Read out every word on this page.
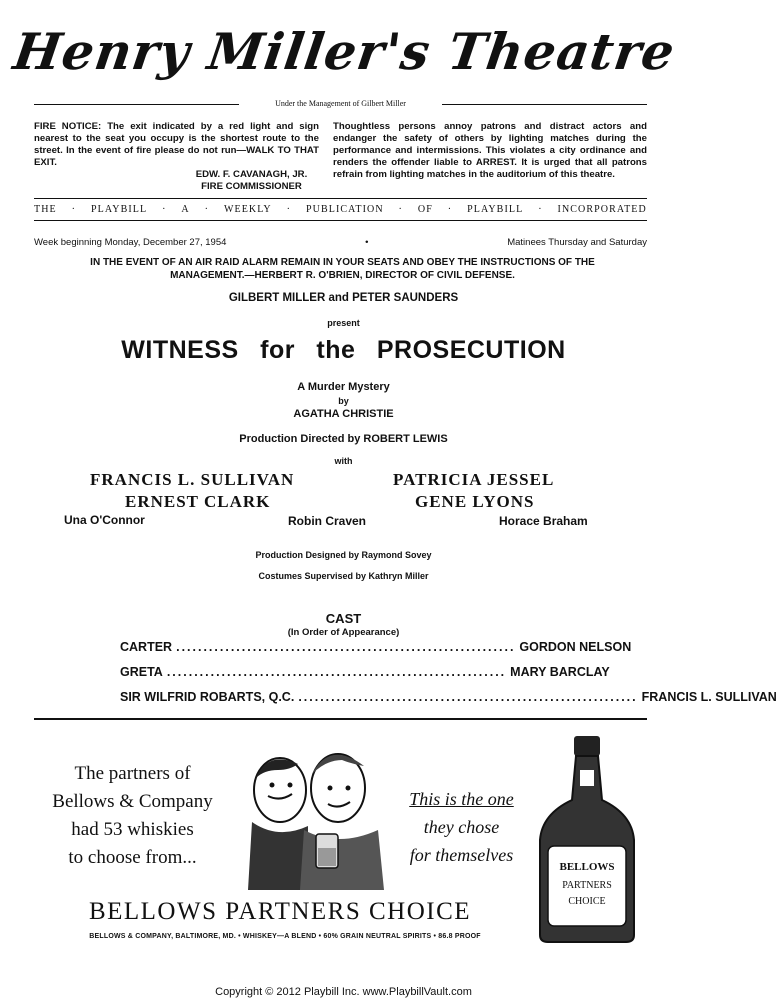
Henry Miller's Theatre
Under the Management of Gilbert Miller
FIRE NOTICE: The exit indicated by a red light and sign nearest to the seat you occupy is the shortest route to the street. In the event of fire please do not run—WALK TO THAT EXIT.
EDW. F. CAVANAGH, JR.
FIRE COMMISSIONER
Thoughtless persons annoy patrons and distract actors and endanger the safety of others by lighting matches during the performance and intermissions. This violates a city ordinance and renders the offender liable to ARREST. It is urged that all patrons refrain from lighting matches in the auditorium of this theatre.
THE · PLAYBILL · A · WEEKLY · PUBLICATION · OF · PLAYBILL · INCORPORATED
Week beginning Monday, December 27, 1954	•	Matinees Thursday and Saturday
IN THE EVENT OF AN AIR RAID ALARM REMAIN IN YOUR SEATS AND OBEY THE INSTRUCTIONS OF THE MANAGEMENT.—HERBERT R. O'BRIEN, DIRECTOR OF CIVIL DEFENSE.
GILBERT MILLER and PETER SAUNDERS
present
WITNESS for the PROSECUTION
A Murder Mystery
by
AGATHA CHRISTIE
Production Directed by ROBERT LEWIS
with
FRANCIS L. SULLIVAN	PATRICIA JESSEL
ERNEST CLARK	GENE LYONS
Una O'Connor	Robin Craven	Horace Braham
Production Designed by Raymond Sovey
Costumes Supervised by Kathryn Miller
CAST
(In Order of Appearance)
CARTER .............................................................. GORDON NELSON
GRETA .............................................................. MARY BARCLAY
SIR WILFRID ROBARTS, Q.C. .............................................................. FRANCIS L. SULLIVAN
The partners of
Bellows & Company
had 53 whiskies
to choose from...
This is the one
they chose
for themselves
BELLOWS
PARTNERS
CHOICE
BELLOWS PARTNERS CHOICE
BELLOWS & COMPANY, BALTIMORE, MD. • WHISKEY—A BLEND • 60% GRAIN NEUTRAL SPIRITS • 86.8 PROOF
Copyright © 2012 Playbill Inc. www.PlaybillVault.com
